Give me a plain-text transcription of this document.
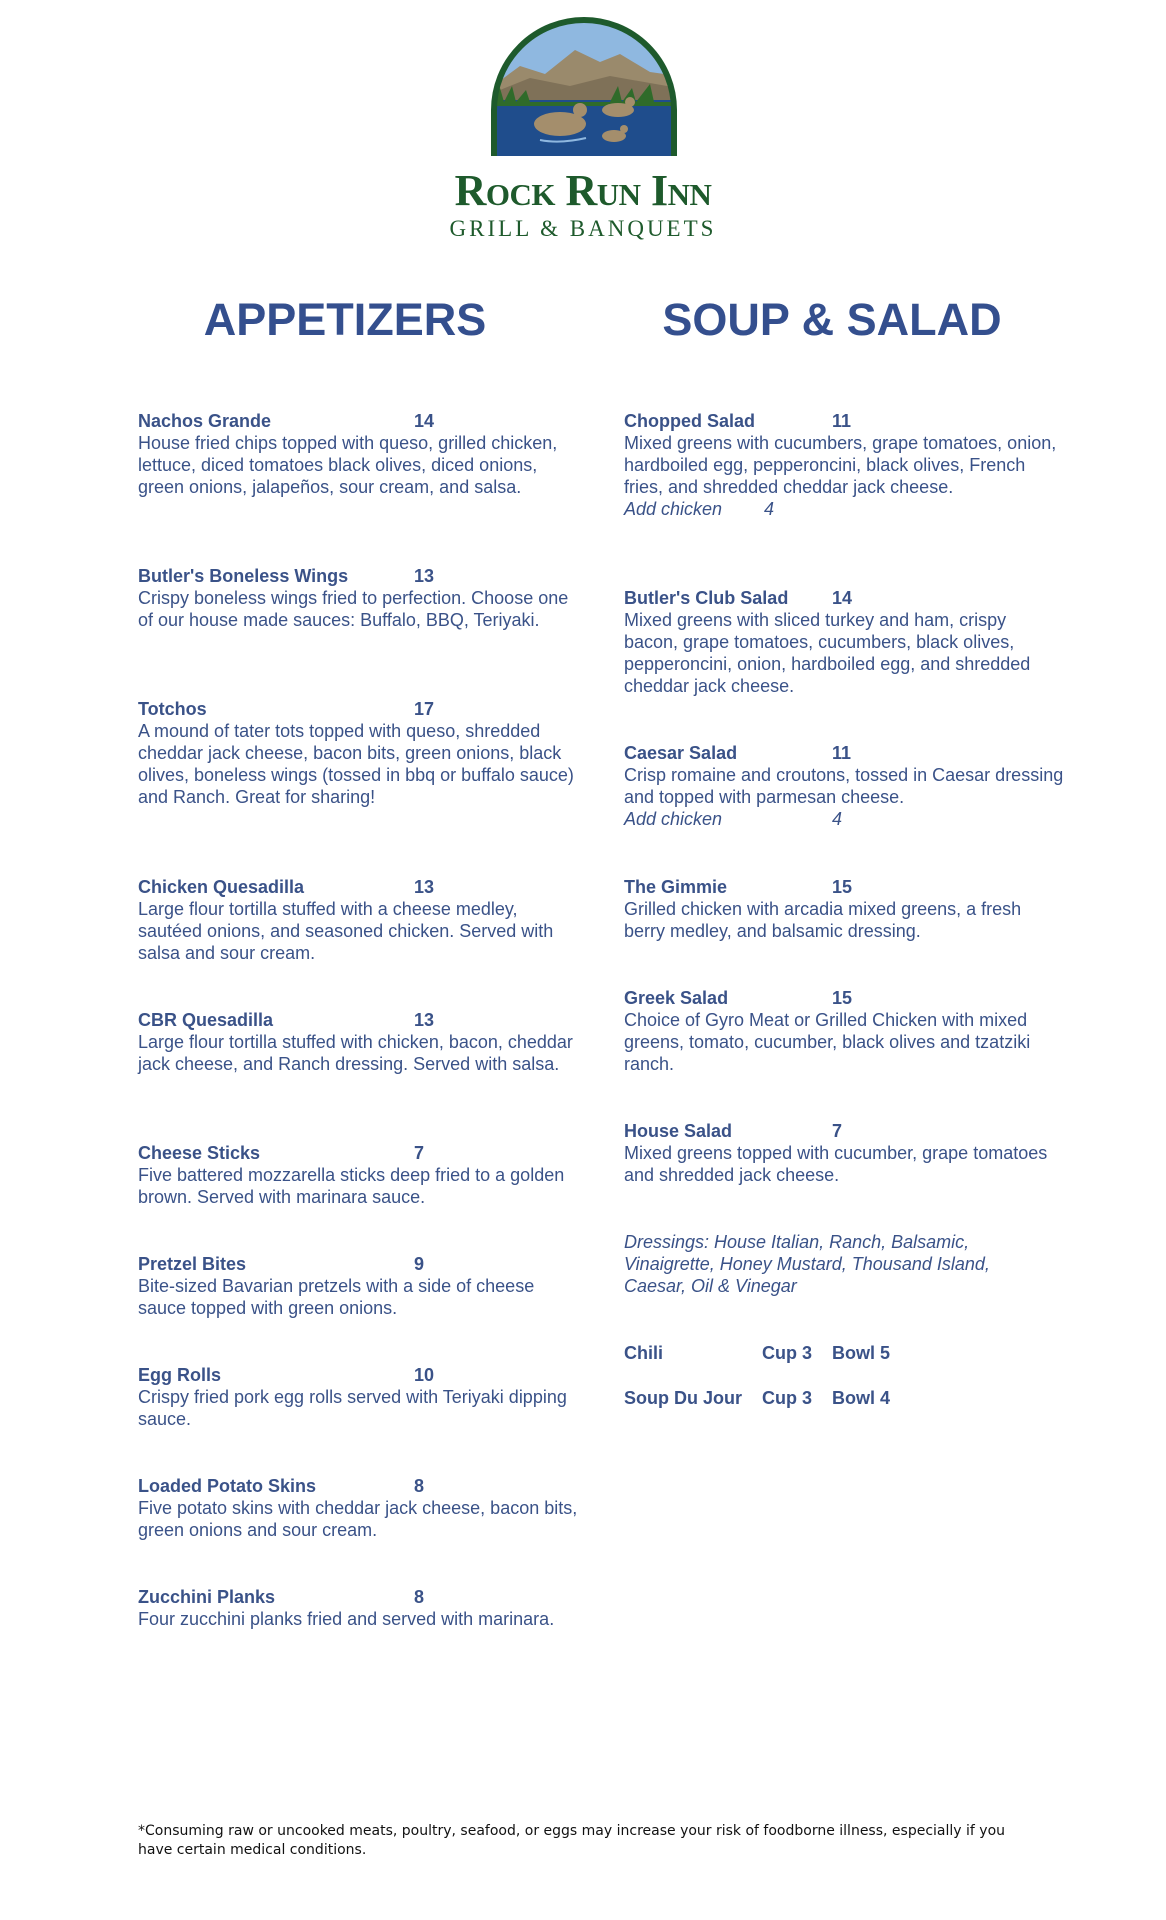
Rock Run Inn
GRILL & BANQUETS
APPETIZERS	SOUP & SALAD
Nachos Grande	14
House fried chips topped with queso, grilled chicken, lettuce, diced tomatoes black olives, diced onions, green onions, jalapeños, sour cream, and salsa.
Butler's Boneless Wings	13
Crispy boneless wings fried to perfection. Choose one of our house made sauces: Buffalo, BBQ, Teriyaki.
Totchos	17
A mound of tater tots topped with queso, shredded cheddar jack cheese, bacon bits, green onions, black olives, boneless wings (tossed in bbq or buffalo sauce) and Ranch. Great for sharing!
Chicken Quesadilla	13
Large flour tortilla stuffed with a cheese medley, sautéed onions, and seasoned chicken. Served with salsa and sour cream.
CBR Quesadilla	13
Large flour tortilla stuffed with chicken, bacon, cheddar jack cheese, and Ranch dressing. Served with salsa.
Cheese Sticks	7
Five battered mozzarella sticks deep fried to a golden brown. Served with marinara sauce.
Pretzel Bites	9
Bite-sized Bavarian pretzels with a side of cheese sauce topped with green onions.
Egg Rolls	10
Crispy fried pork egg rolls served with Teriyaki dipping sauce.
Loaded Potato Skins	8
Five potato skins with cheddar jack cheese, bacon bits, green onions and sour cream.
Zucchini Planks	8
Four zucchini planks fried and served with marinara.
Chopped Salad	11
Mixed greens with cucumbers, grape tomatoes, onion, hardboiled egg, pepperoncini, black olives, French fries, and shredded cheddar jack cheese.
Add chicken 4
Butler's Club Salad 14
Mixed greens with sliced turkey and ham, crispy bacon, grape tomatoes, cucumbers, black olives, pepperoncini, onion, hardboiled egg, and shredded cheddar jack cheese.
Caesar Salad	11
Crisp romaine and croutons, tossed in Caesar dressing and topped with parmesan cheese.
Add chicken	4
The Gimmie	15
Grilled chicken with arcadia mixed greens, a fresh berry medley, and balsamic dressing.
Greek Salad	15
Choice of Gyro Meat or Grilled Chicken with mixed greens, tomato, cucumber, black olives and tzatziki ranch.
House Salad	7
Mixed greens topped with cucumber, grape tomatoes and shredded jack cheese.
Dressings: House Italian, Ranch, Balsamic, Vinaigrette, Honey Mustard, Thousand Island, Caesar, Oil & Vinegar
Chili	Cup 3 Bowl 5
Soup Du Jour Cup 3 Bowl 4
*Consuming raw or uncooked meats, poultry, seafood, or eggs may increase your risk of foodborne illness, especially if you have certain medical conditions.
